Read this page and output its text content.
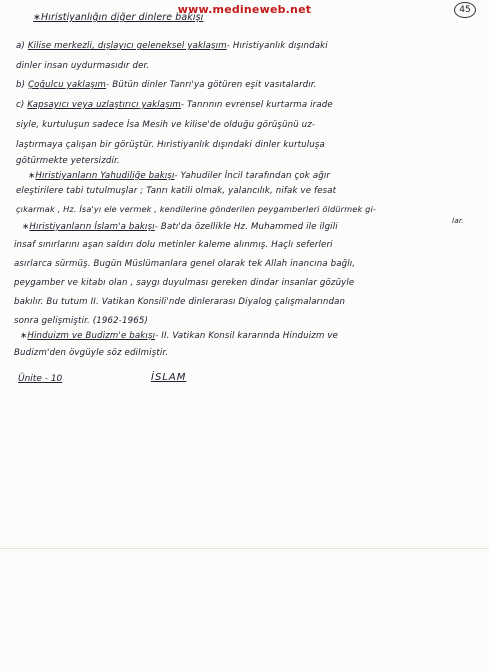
www.medineweb.net	45
∗Hıristiyanlığın diğer dinlere bakışı
a) Kilise merkezli, dışlayıcı geleneksel yaklaşım- Hıristiyanlık dışındaki
dinler insan uydurmasıdır der.
b) Çoğulcu yaklaşım- Bütün dinler Tanrı'ya götüren eşit vasıtalardır.
c) Kapsayıcı veya uzlaştırıcı yaklaşım- Tanrının evrensel kurtarma irade
siyle, kurtuluşun sadece İsa Mesih ve kilise'de olduğu görüşünü uz-
laştırmaya çalışan bir görüştür. Hıristiyanlık dışındaki dinler kurtuluşa
götürmekte yetersizdir.
∗Hıristiyanların Yahudiliğe bakışı- Yahudiler İncil tarafından çok ağır
eleştirilere tabi tutulmuşlar ; Tanrı katili olmak, yalancılık, nifak ve fesat
çıkarmak , Hz. İsa'yı ele vermek , kendilerine gönderilen peygamberleri öldürmek gi-
∗Hıristiyanların İslam'a bakışı- Batı'da özellikle Hz. Muhammed ile ilgili
insaf sınırlarını aşan saldırı dolu metinler kaleme alınmış. Haçlı seferleri
asırlarca sürmüş. Bugün Müslümanlara genel olarak tek Allah inancına bağlı,
peygamber ve kitabı olan , saygı duyulması gereken dindar insanlar gözüyle
bakılır. Bu tutum II. Vatikan Konsili'nde dinlerarası Diyalog çalışmalarından
sonra gelişmiştir. (1962-1965)
∗Hinduizm ve Budizm'e bakışı- II. Vatikan Konsil kararında Hinduizm ve
Budizm'den övgüyle söz edilmiştir.
lar.
Ünite - 10	İSLAM
